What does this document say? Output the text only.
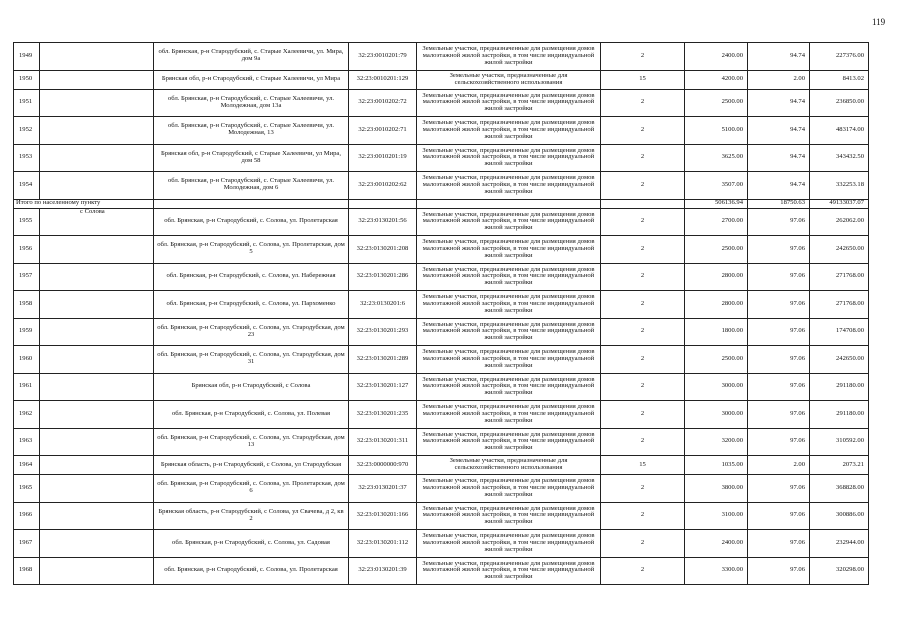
119
1949		обл. Брянская, р-н Стародубский, с. Старые Халеевичи, ул. Мира, дом 9а	32:23:0010201:79	Земельные участки, предназначенные для размещения домов малоэтажной жилой застройки, в том числе индивидуальной жилой застройки	2	2400.00	94.74	227376.00
1950		Брянская обл, р-н Стародубский, с Старые Халеевичи, ул Мира	32:23:0010201:129	Земельные участки, предназначенные для сельскохозяйственного использования	15	4200.00	2.00	8413.02
1951		обл. Брянская, р-н Стародубский, с. Старые Халеевичи, ул. Молодежная, дом 13а	32:23:0010202:72	Земельные участки, предназначенные для размещения домов малоэтажной жилой застройки, в том числе индивидуальной жилой застройки	2	2500.00	94.74	236850.00
1952		обл. Брянская, р-н Стародубский, с. Старые Халеевичи, ул. Молодежная, 13	32:23:0010202:71	Земельные участки, предназначенные для размещения домов малоэтажной жилой застройки, в том числе индивидуальной жилой застройки	2	5100.00	94.74	483174.00
1953		Брянская обл, р-н Стародубский, с Старые Халеевичи, ул Мира, дом 58	32:23:0010201:19	Земельные участки, предназначенные для размещения домов малоэтажной жилой застройки, в том числе индивидуальной жилой застройки	2	3625.00	94.74	343432.50
1954		обл. Брянская, р-н Стародубский, с. Старые Халеевичи, ул. Молодежная, дом 6	32:23:0010202:62	Земельные участки, предназначенные для размещения домов малоэтажной жилой застройки, в том числе индивидуальной жилой застройки	2	3507.00	94.74	332253.18
Итого по населенному пункту						506136.94	18750.63	49133037.07
1955	с Солова	обл. Брянская, р-н Стародубский, с. Солова, ул. Пролетарская	32:23:0130201:56	Земельные участки, предназначенные для размещения домов малоэтажной жилой застройки, в том числе индивидуальной жилой застройки	2	2700.00	97.06	262062.00
1956		обл. Брянская, р-н Стародубский, с. Солова, ул. Пролетарская, дом 5	32:23:0130201:208	Земельные участки, предназначенные для размещения домов малоэтажной жилой застройки, в том числе индивидуальной жилой застройки	2	2500.00	97.06	242650.00
1957		обл. Брянская, р-н Стародубский, с. Солова, ул. Набережная	32:23:0130201:286	Земельные участки, предназначенные для размещения домов малоэтажной жилой застройки, в том числе индивидуальной жилой застройки	2	2800.00	97.06	271768.00
1958		обл. Брянская, р-н Стародубский, с. Солова, ул. Пархоменко	32:23:0130201:6	Земельные участки, предназначенные для размещения домов малоэтажной жилой застройки, в том числе индивидуальной жилой застройки	2	2800.00	97.06	271768.00
1959		обл. Брянская, р-н Стародубский, с. Солова, ул. Стародубская, дом 23	32:23:0130201:293	Земельные участки, предназначенные для размещения домов малоэтажной жилой застройки, в том числе индивидуальной жилой застройки	2	1800.00	97.06	174708.00
1960		обл. Брянская, р-н Стародубский, с. Солова, ул. Стародубская, дом 31	32:23:0130201:289	Земельные участки, предназначенные для размещения домов малоэтажной жилой застройки, в том числе индивидуальной жилой застройки	2	2500.00	97.06	242650.00
1961		Брянская обл, р-н Стародубский, с Солова	32:23:0130201:127	Земельные участки, предназначенные для размещения домов малоэтажной жилой застройки, в том числе индивидуальной жилой застройки	2	3000.00	97.06	291180.00
1962		обл. Брянская, р-н Стародубский, с. Солова, ул. Полевая	32:23:0130201:235	Земельные участки, предназначенные для размещения домов малоэтажной жилой застройки, в том числе индивидуальной жилой застройки	2	3000.00	97.06	291180.00
1963		обл. Брянская, р-н Стародубский, с. Солова, ул. Стародубская, дом 13	32:23:0130201:311	Земельные участки, предназначенные для размещения домов малоэтажной жилой застройки, в том числе индивидуальной жилой застройки	2	3200.00	97.06	310592.00
1964		Брянская область, р-н Стародубский, с Солова, ул Стародубская	32:23:0000000:970	Земельные участки, предназначенные для сельскохозяйственного использования	15	1035.00	2.00	2073.21
1965		обл. Брянская, р-н Стародубский, с. Солова, ул. Пролетарская, дом 6	32:23:0130201:37	Земельные участки, предназначенные для размещения домов малоэтажной жилой застройки, в том числе индивидуальной жилой застройки	2	3800.00	97.06	368828.00
1966		Брянская область, р-н Стародубский, с Солова, ул Свачева, д 2, кв 2	32:23:0130201:166	Земельные участки, предназначенные для размещения домов малоэтажной жилой застройки, в том числе индивидуальной жилой застройки	2	3100.00	97.06	300886.00
1967		обл. Брянская, р-н Стародубский, с. Солова, ул. Садовая	32:23:0130201:112	Земельные участки, предназначенные для размещения домов малоэтажной жилой застройки, в том числе индивидуальной жилой застройки	2	2400.00	97.06	232944.00
1968		обл. Брянская, р-н Стародубский, с. Солова, ул. Пролетарская	32:23:0130201:39	Земельные участки, предназначенные для размещения домов малоэтажной жилой застройки, в том числе индивидуальной жилой застройки	2	3300.00	97.06	320298.00
